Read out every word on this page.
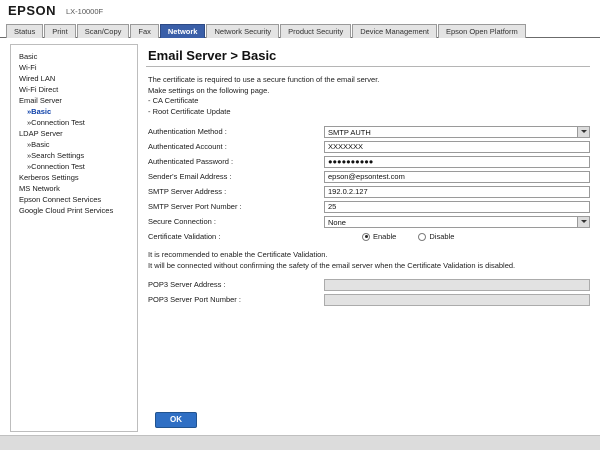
EPSON LX-10000F
Status	Print	Scan/Copy	Fax	Network	Network Security	Product Security	Device Management	Epson Open Platform
Basic
Wi-Fi
Wired LAN
Wi-Fi Direct
Email Server
»Basic
»Connection Test
LDAP Server
»Basic
»Search Settings
»Connection Test
Kerberos Settings
MS Network
Epson Connect Services
Google Cloud Print Services
Email Server > Basic
The certificate is required to use a secure function of the email server.
Make settings on the following page.
- CA Certificate
- Root Certificate Update
Authentication Method :	SMTP AUTH
Authenticated Account :
XXXXXXX
Authenticated Password :
●●●●●●●●●●
Sender's Email Address :
epson@epsontest.com
SMTP Server Address :
192.0.2.127
SMTP Server Port Number :
25
Secure Connection :	None
Certificate Validation :	Enable	Disable
It is recommended to enable the Certificate Validation.
It will be connected without confirming the safety of the email server when the Certificate Validation is disabled.
POP3 Server Address :
POP3 Server Port Number :
OK
